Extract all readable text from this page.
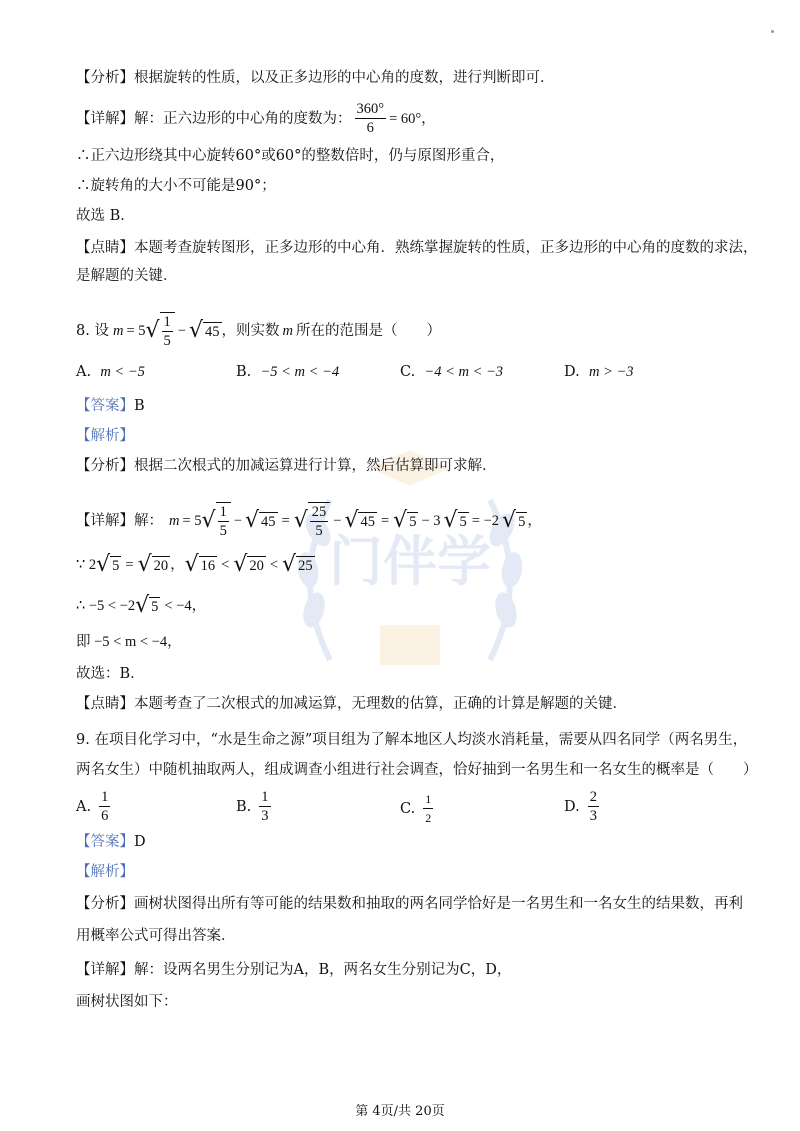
门伴学
【分析】根据旋转的性质，以及正多边形的中心角的度数，进行判断即可．
【详解】 解：正六边形的中心角的度数为： $\frac{360^\circ}{6} = 60^\circ$，
∴正六边形绕其中心旋转60°或60°的整数倍时，仍与原图形重合，
∴旋转角的大小不可能是90°；
故选 B．
【点睛】本题考查旋转图形，正多边形的中心角．熟练掌握旋转的性质，正多边形的中心角的度数的求法，
是解题的关键．
8. 设 m = 5 √ $\frac{1}{5}$ − √ 45 ，则实数 m 所在的范围是（　　）
A. m < −5	B. −5 < m < −4	C. −4 < m < −3	D. m > −3
【答案】B
【解析】
【分析】根据二次根式的加减运算进行计算，然后估算即可求解．
【详解】 解： m = 5 √ $\frac{1}{5}$ − √ 45 = √ $\frac{25}{5}$ − √ 45 = √ 5 − 3 √ 5 = −2 √ 5 ，
∵ 2 √ 5 = √ 20 ， √ 16 < √ 20 < √ 25
∴ −5 < −2 √ 5 < −4，
即 −5 < m < −4，
故选：B．
【点睛】本题考查了二次根式的加减运算，无理数的估算，正确的计算是解题的关键．
9. 在项目化学习中，“水是生命之源”项目组为了解本地区人均淡水消耗量，需要从四名同学（两名男生，
两名女生）中随机抽取两人，组成调查小组进行社会调查，恰好抽到一名男生和一名女生的概率是（　　）
A. $\frac{1}{6}$	B. $\frac{1}{3}$	C. $\frac{1}{2}$	D. $\frac{2}{3}$
【答案】D
【解析】
【分析】画树状图得出所有等可能的结果数和抽取的两名同学恰好是一名男生和一名女生的结果数，再利
用概率公式可得出答案．
【详解】解：设两名男生分别记为A，B，两名女生分别记为C，D，
画树状图如下：
第 4页/共 20页
